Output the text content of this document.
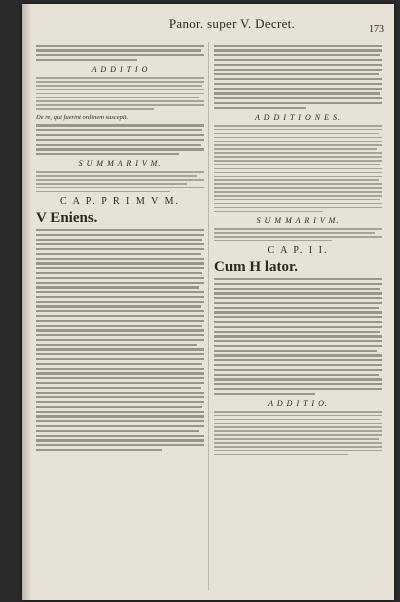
Panor. super V. Decret.	173
A D D I T I O
De re, qui fuerint ordinem suscepit.
S U M M A R I V M.
C A P. P R I M V M.
V Eniens.
A D D I T I O N E S.
S U M M A R I V M.
C A P. I I.
Cum H lator.
A D D I T I O.
